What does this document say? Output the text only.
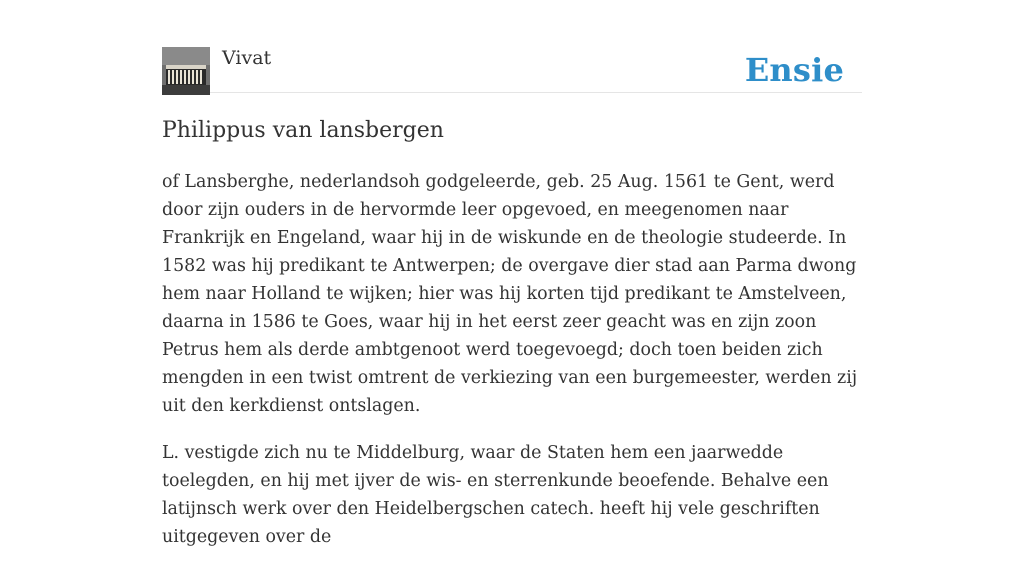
Vivat	Ensie
Philippus van lansbergen

of Lansberghe, nederlandsoh godgeleerde, geb. 25 Aug. 1561 te Gent, werd door zijn ouders in de hervormde leer opgevoed, en meegenomen naar Frankrijk en Engeland, waar hij in de wiskunde en de theologie studeerde. In 1582 was hij predikant te Antwerpen; de overgave dier stad aan Parma dwong hem naar Holland te wijken; hier was hij korten tijd predikant te Amstelveen, daarna in 1586 te Goes, waar hij in het eerst zeer geacht was en zijn zoon Petrus hem als derde ambtgenoot werd toegevoegd; doch toen beiden zich mengden in een twist omtrent de verkiezing van een burgemeester, werden zij uit den kerkdienst ontslagen.

L. vestigde zich nu te Middelburg, waar de Staten hem een jaarwedde toelegden, en hij met ijver de wis- en sterrenkunde beoefende. Behalve een latijnsch werk over den Heidelbergschen catech. heeft hij vele geschriften uitgegeven over de
